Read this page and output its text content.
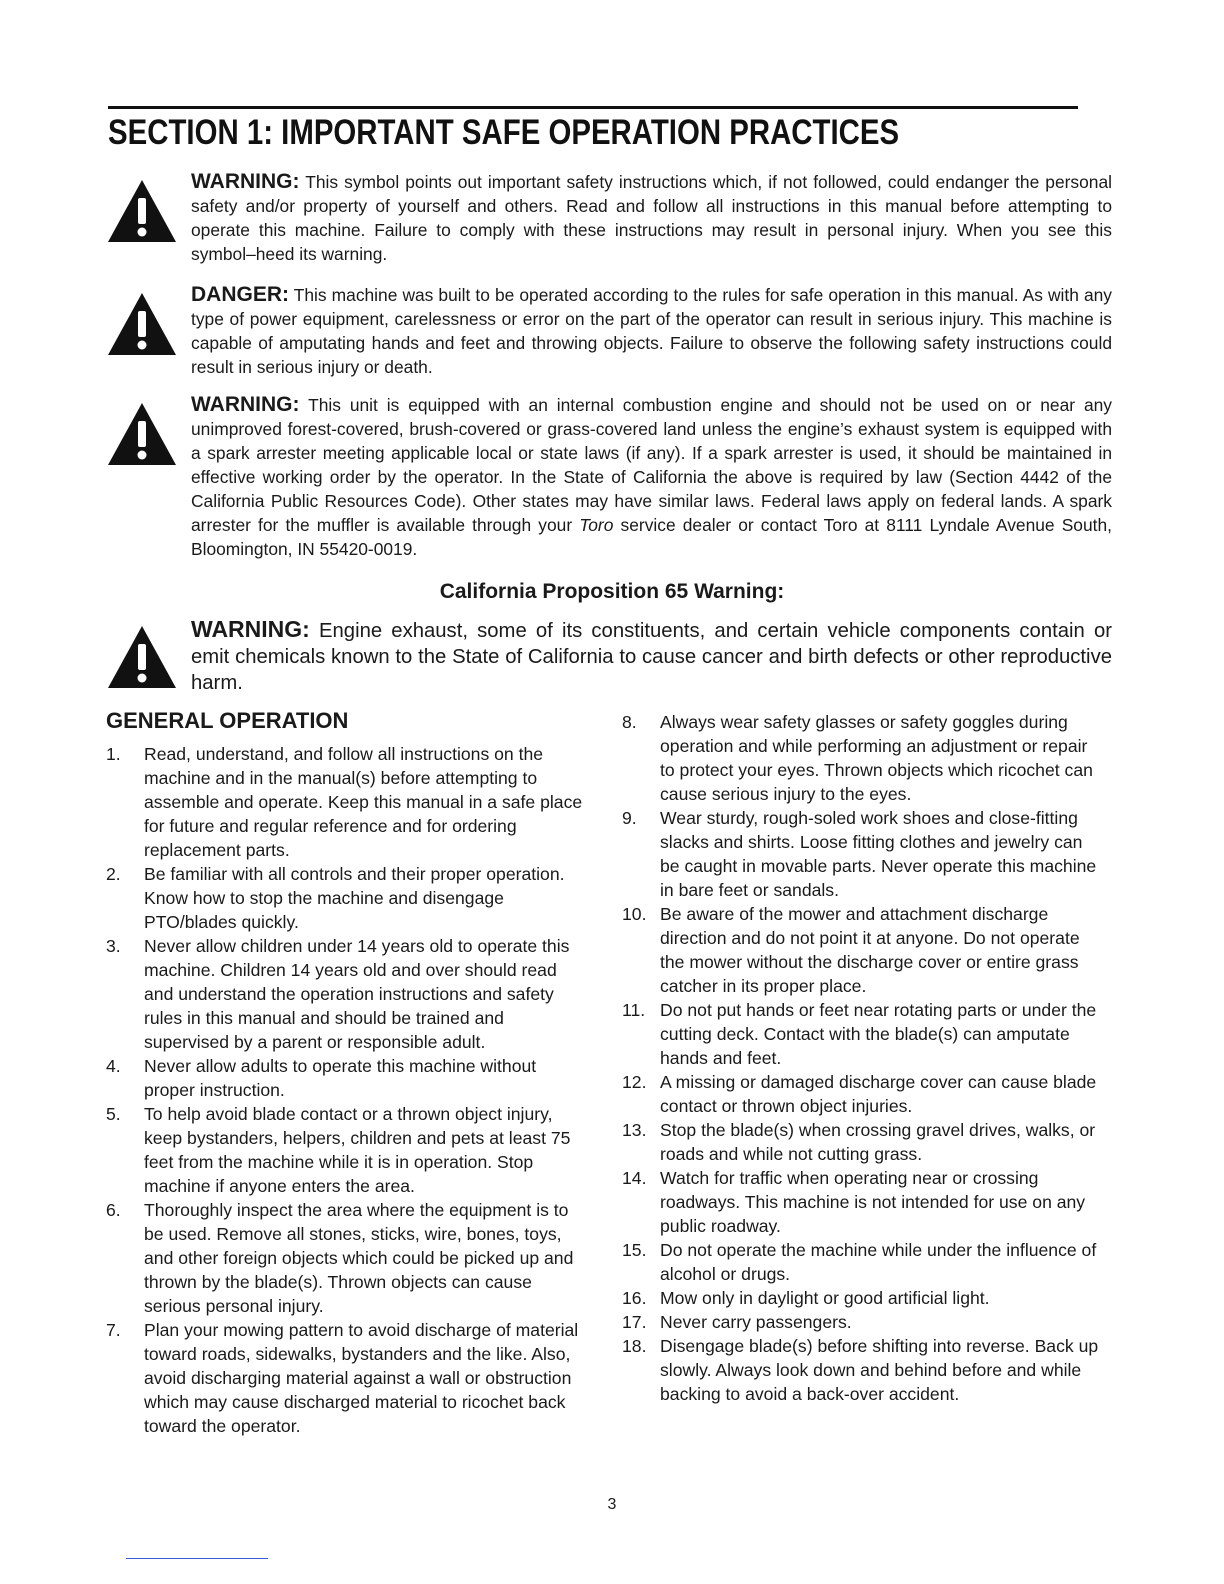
SECTION 1: IMPORTANT SAFE OPERATION PRACTICES
WARNING: This symbol points out important safety instructions which, if not followed, could endanger the personal safety and/or property of yourself and others. Read and follow all instructions in this manual before attempting to operate this machine. Failure to comply with these instructions may result in personal injury. When you see this symbol–heed its warning.
DANGER: This machine was built to be operated according to the rules for safe operation in this manual. As with any type of power equipment, carelessness or error on the part of the operator can result in serious injury. This machine is capable of amputating hands and feet and throwing objects. Failure to observe the following safety instructions could result in serious injury or death.
WARNING: This unit is equipped with an internal combustion engine and should not be used on or near any unimproved forest-covered, brush-covered or grass-covered land unless the engine’s exhaust system is equipped with a spark arrester meeting applicable local or state laws (if any). If a spark arrester is used, it should be maintained in effective working order by the operator. In the State of California the above is required by law (Section 4442 of the California Public Resources Code). Other states may have similar laws. Federal laws apply on federal lands. A spark arrester for the muffler is available through your Toro service dealer or contact Toro at 8111 Lyndale Avenue South, Bloomington, IN 55420-0019.
California Proposition 65 Warning:
WARNING: Engine exhaust, some of its constituents, and certain vehicle components contain or emit chemicals known to the State of California to cause cancer and birth defects or other reproductive harm.
GENERAL OPERATION
1.	Read, understand, and follow all instructions on the machine and in the manual(s) before attempting to assemble and operate. Keep this manual in a safe place for future and regular reference and for ordering replacement parts.
2.	Be familiar with all controls and their proper operation. Know how to stop the machine and disengage PTO/blades quickly.
3.	Never allow children under 14 years old to operate this machine. Children 14 years old and over should read and understand the operation instructions and safety rules in this manual and should be trained and supervised by a parent or responsible adult.
4.	Never allow adults to operate this machine without proper instruction.
5.	To help avoid blade contact or a thrown object injury, keep bystanders, helpers, children and pets at least 75 feet from the machine while it is in operation. Stop machine if anyone enters the area.
6.	Thoroughly inspect the area where the equipment is to be used. Remove all stones, sticks, wire, bones, toys, and other foreign objects which could be picked up and thrown by the blade(s). Thrown objects can cause serious personal injury.
7.	Plan your mowing pattern to avoid discharge of material toward roads, sidewalks, bystanders and the like. Also, avoid discharging material against a wall or obstruction which may cause discharged material to ricochet back toward the operator.
8.	Always wear safety glasses or safety goggles during operation and while performing an adjustment or repair to protect your eyes. Thrown objects which ricochet can cause serious injury to the eyes.
9.	Wear sturdy, rough-soled work shoes and close-fitting slacks and shirts. Loose fitting clothes and jewelry can be caught in movable parts. Never operate this machine in bare feet or sandals.
10. Be aware of the mower and attachment discharge direction and do not point it at anyone. Do not operate the mower without the discharge cover or entire grass catcher in its proper place.
11. Do not put hands or feet near rotating parts or under the cutting deck. Contact with the blade(s) can amputate hands and feet.
12. A missing or damaged discharge cover can cause blade contact or thrown object injuries.
13. Stop the blade(s) when crossing gravel drives, walks, or roads and while not cutting grass.
14. Watch for traffic when operating near or crossing roadways. This machine is not intended for use on any public roadway.
15. Do not operate the machine while under the influence of alcohol or drugs.
16. Mow only in daylight or good artificial light.
17. Never carry passengers.
18. Disengage blade(s) before shifting into reverse. Back up slowly. Always look down and behind before and while backing to avoid a back-over accident.
3
